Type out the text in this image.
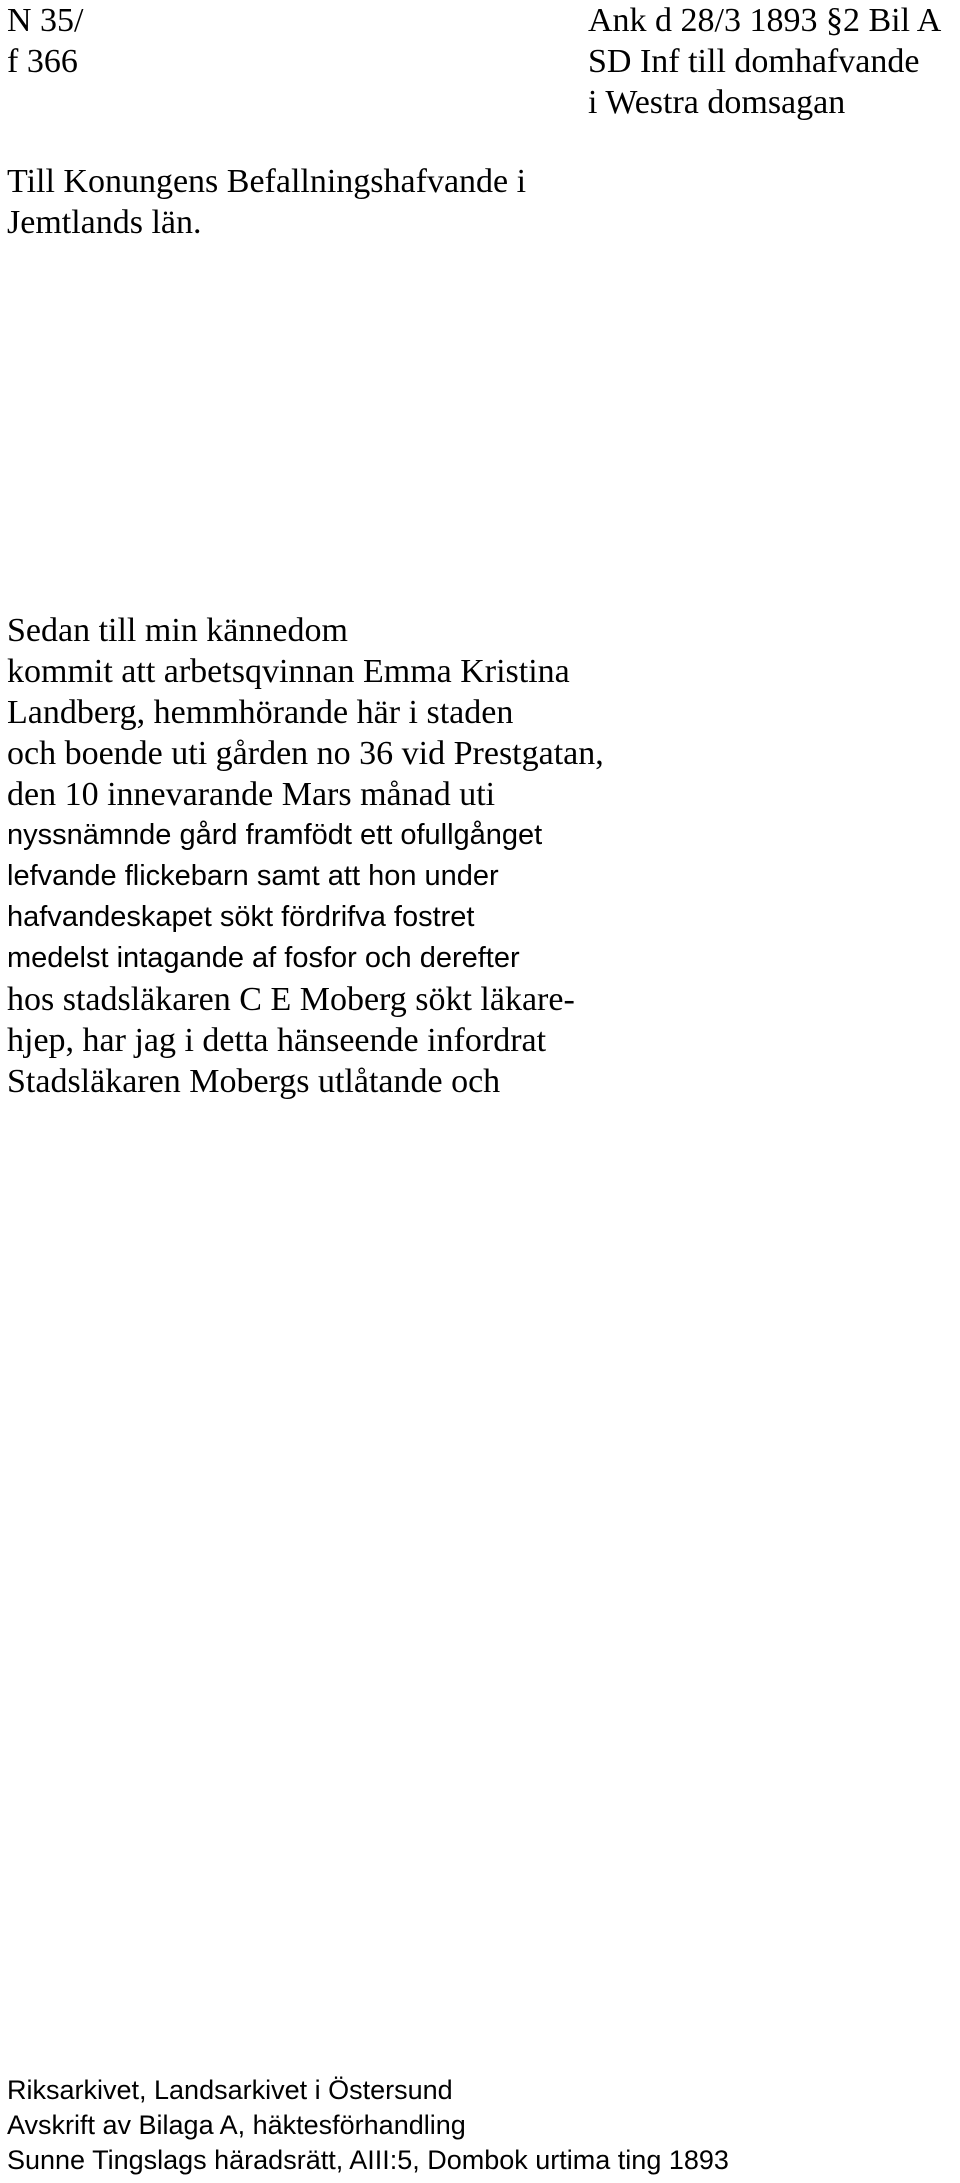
N 35/
f 366
Ank d 28/3 1893 §2 Bil A
SD Inf till domhafvande
i Westra domsagan
Till Konungens Befallningshafvande i
Jemtlands län.
Sedan till min kännedom
kommit att arbetsqvinnan Emma Kristina
Landberg, hemmhörande här i staden
och boende uti gården no 36 vid Prestgatan,
den 10 innevarande Mars månad uti
nyssnämnde gård framfödt ett ofullgånget
lefvande flickebarn samt att hon under
hafvandeskapet sökt fördrifva fostret
medelst intagande af fosfor och derefter
hos stadsläkaren C E Moberg sökt läkare-
hjep, har jag i detta hänseende infordrat
Stadsläkaren Mobergs utlåtande och
Riksarkivet, Landsarkivet i Östersund
Avskrift av Bilaga A, häktesförhandling
Sunne Tingslags häradsrätt, AIII:5, Dombok urtima ting 1893
